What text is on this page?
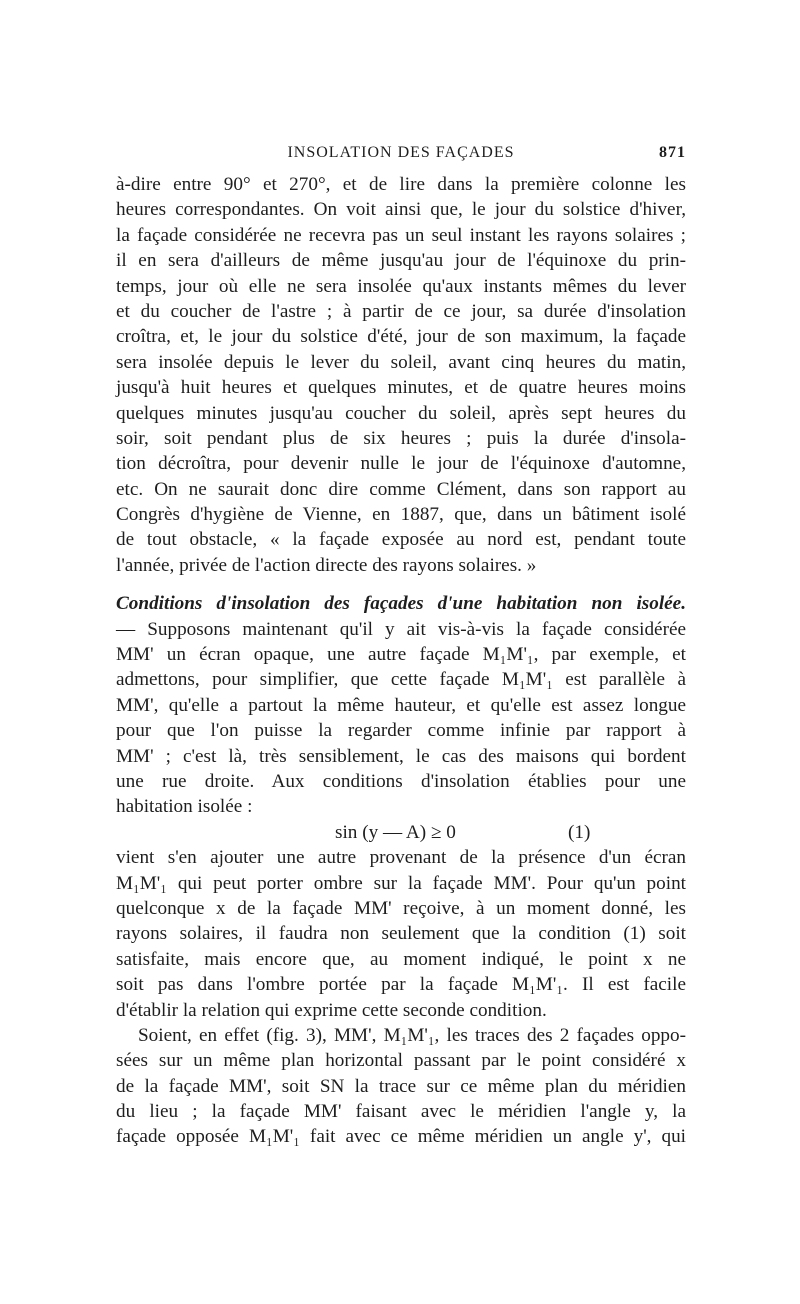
INSOLATION DES FAÇADES	871
à-dire entre 90° et 270°, et de lire dans la première colonne les
heures correspondantes. On voit ainsi que, le jour du solstice d'hiver,
la façade considérée ne recevra pas un seul instant les rayons solaires ;
il en sera d'ailleurs de même jusqu'au jour de l'équinoxe du prin-
temps, jour où elle ne sera insolée qu'aux instants mêmes du lever
et du coucher de l'astre ; à partir de ce jour, sa durée d'insolation
croîtra, et, le jour du solstice d'été, jour de son maximum, la façade
sera insolée depuis le lever du soleil, avant cinq heures du matin,
jusqu'à huit heures et quelques minutes, et de quatre heures moins
quelques minutes jusqu'au coucher du soleil, après sept heures du
soir, soit pendant plus de six heures ; puis la durée d'insola-
tion décroîtra, pour devenir nulle le jour de l'équinoxe d'automne,
etc. On ne saurait donc dire comme Clément, dans son rapport au
Congrès d'hygiène de Vienne, en 1887, que, dans un bâtiment isolé
de tout obstacle, « la façade exposée au nord est, pendant toute
l'année, privée de l'action directe des rayons solaires. »
Conditions d'insolation des façades d'une habitation non isolée.
— Supposons maintenant qu'il y ait vis-à-vis la façade considérée
MM' un écran opaque, une autre façade M₁M'₁, par exemple, et
admettons, pour simplifier, que cette façade M₁M'₁ est parallèle à
MM', qu'elle a partout la même hauteur, et qu'elle est assez longue
pour que l'on puisse la regarder comme infinie par rapport à
MM' ; c'est là, très sensiblement, le cas des maisons qui bordent
une rue droite. Aux conditions d'insolation établies pour une
habitation isolée :
sin (y — A) ≥ 0	(1)
vient s'en ajouter une autre provenant de la présence d'un écran
M₁M'₁ qui peut porter ombre sur la façade MM'. Pour qu'un point
quelconque x de la façade MM' reçoive, à un moment donné, les
rayons solaires, il faudra non seulement que la condition (1) soit
satisfaite, mais encore que, au moment indiqué, le point x ne
soit pas dans l'ombre portée par la façade M₁M'₁. Il est facile
d'établir la relation qui exprime cette seconde condition.
Soient, en effet (fig. 3), MM', M₁M'₁, les traces des 2 façades oppo-
sées sur un même plan horizontal passant par le point considéré x
de la façade MM', soit SN la trace sur ce même plan du méridien
du lieu ; la façade MM' faisant avec le méridien l'angle y, la
façade opposée M₁M'₁ fait avec ce même méridien un angle y', qui
